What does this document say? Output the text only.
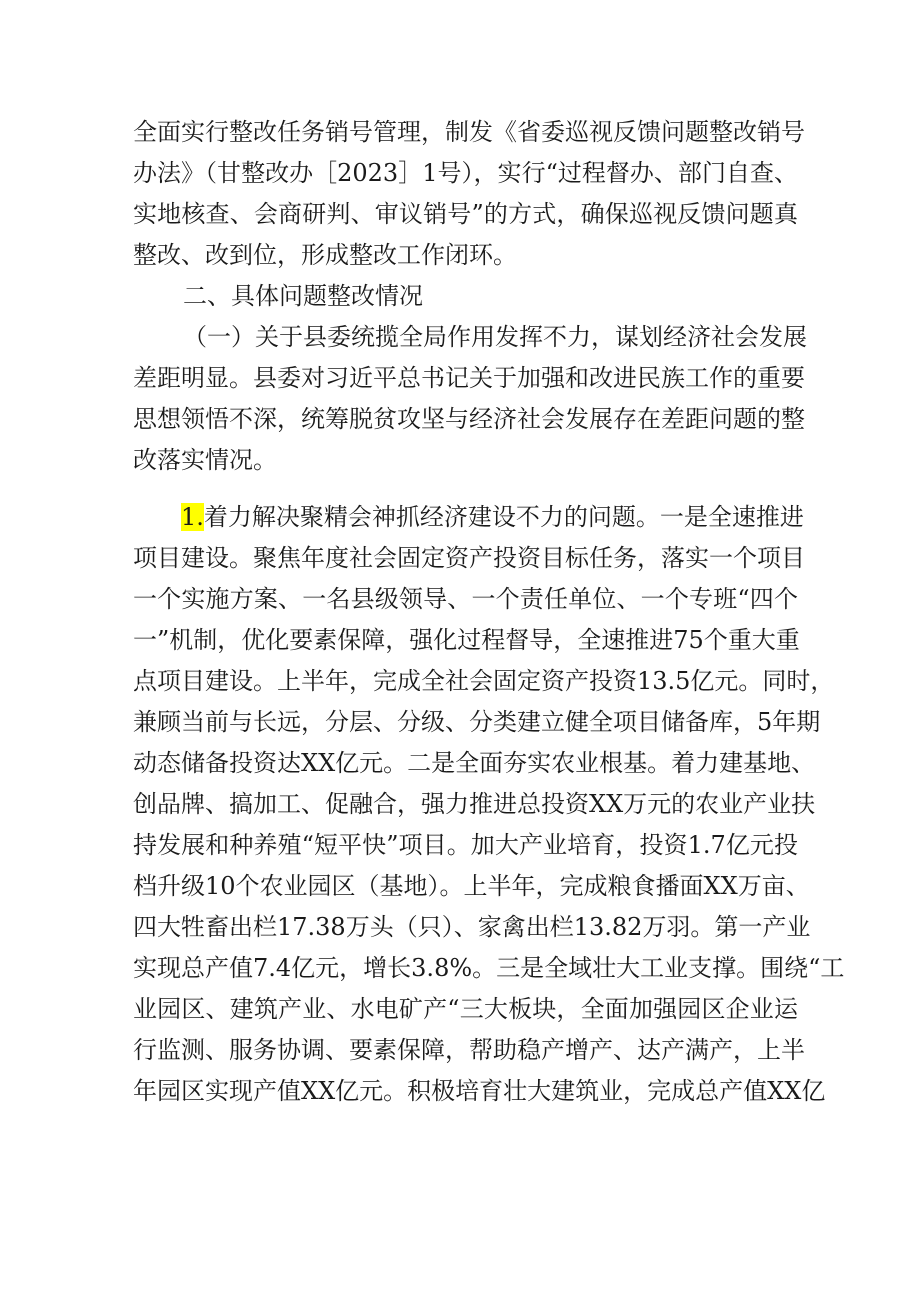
全面实行整改任务销号管理，制发《省委巡视反馈问题整改销号
办法》（甘整改办［2023］1号），实行“过程督办、部门自查、
实地核查、会商研判、审议销号”的方式，确保巡视反馈问题真
整改、改到位，形成整改工作闭环。
二、具体问题整改情况
（一）关于县委统揽全局作用发挥不力，谋划经济社会发展
差距明显。县委对习近平总书记关于加强和改进民族工作的重要
思想领悟不深，统筹脱贫攻坚与经济社会发展存在差距问题的整
改落实情况。
1.着力解决聚精会神抓经济建设不力的问题。一是全速推进
项目建设。聚焦年度社会固定资产投资目标任务，落实一个项目
一个实施方案、一名县级领导、一个责任单位、一个专班“四个
一”机制，优化要素保障，强化过程督导，全速推进75个重大重
点项目建设。上半年，完成全社会固定资产投资13.5亿元。同时，
兼顾当前与长远，分层、分级、分类建立健全项目储备库，5年期
动态储备投资达XX亿元。二是全面夯实农业根基。着力建基地、
创品牌、搞加工、促融合，强力推进总投资XX万元的农业产业扶
持发展和种养殖“短平快”项目。加大产业培育，投资1.7亿元投
档升级10个农业园区（基地）。上半年，完成粮食播面XX万亩、
四大牲畜出栏17.38万头（只）、家禽出栏13.82万羽。第一产业
实现总产值7.4亿元，增长3.8%。三是全域壮大工业支撑。围绕“工
业园区、建筑产业、水电矿产“三大板块，全面加强园区企业运
行监测、服务协调、要素保障，帮助稳产增产、达产满产，上半
年园区实现产值XX亿元。积极培育壮大建筑业，完成总产值XX亿
